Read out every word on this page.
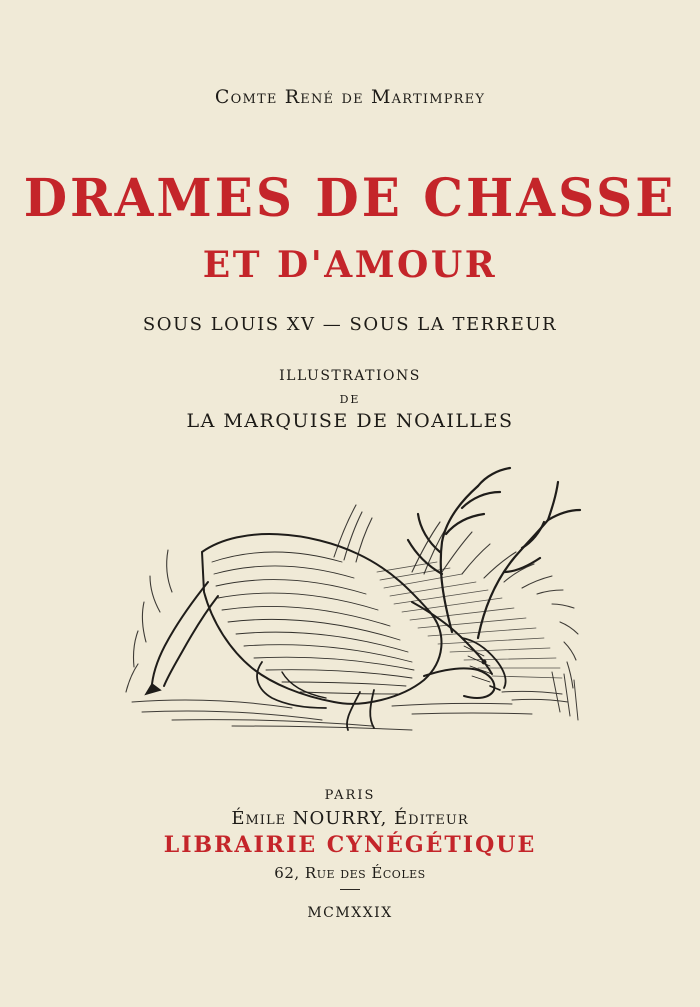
Comte René de Martimprey
DRAMES DE CHASSE
ET D'AMOUR
SOUS LOUIS XV — SOUS LA TERREUR
ILLUSTRATIONS
DE
LA MARQUISE DE NOAILLES
PARIS
Émile NOURRY, Éditeur
LIBRAIRIE CYNÉGÉTIQUE
62, Rue des Écoles
MCMXXIX
